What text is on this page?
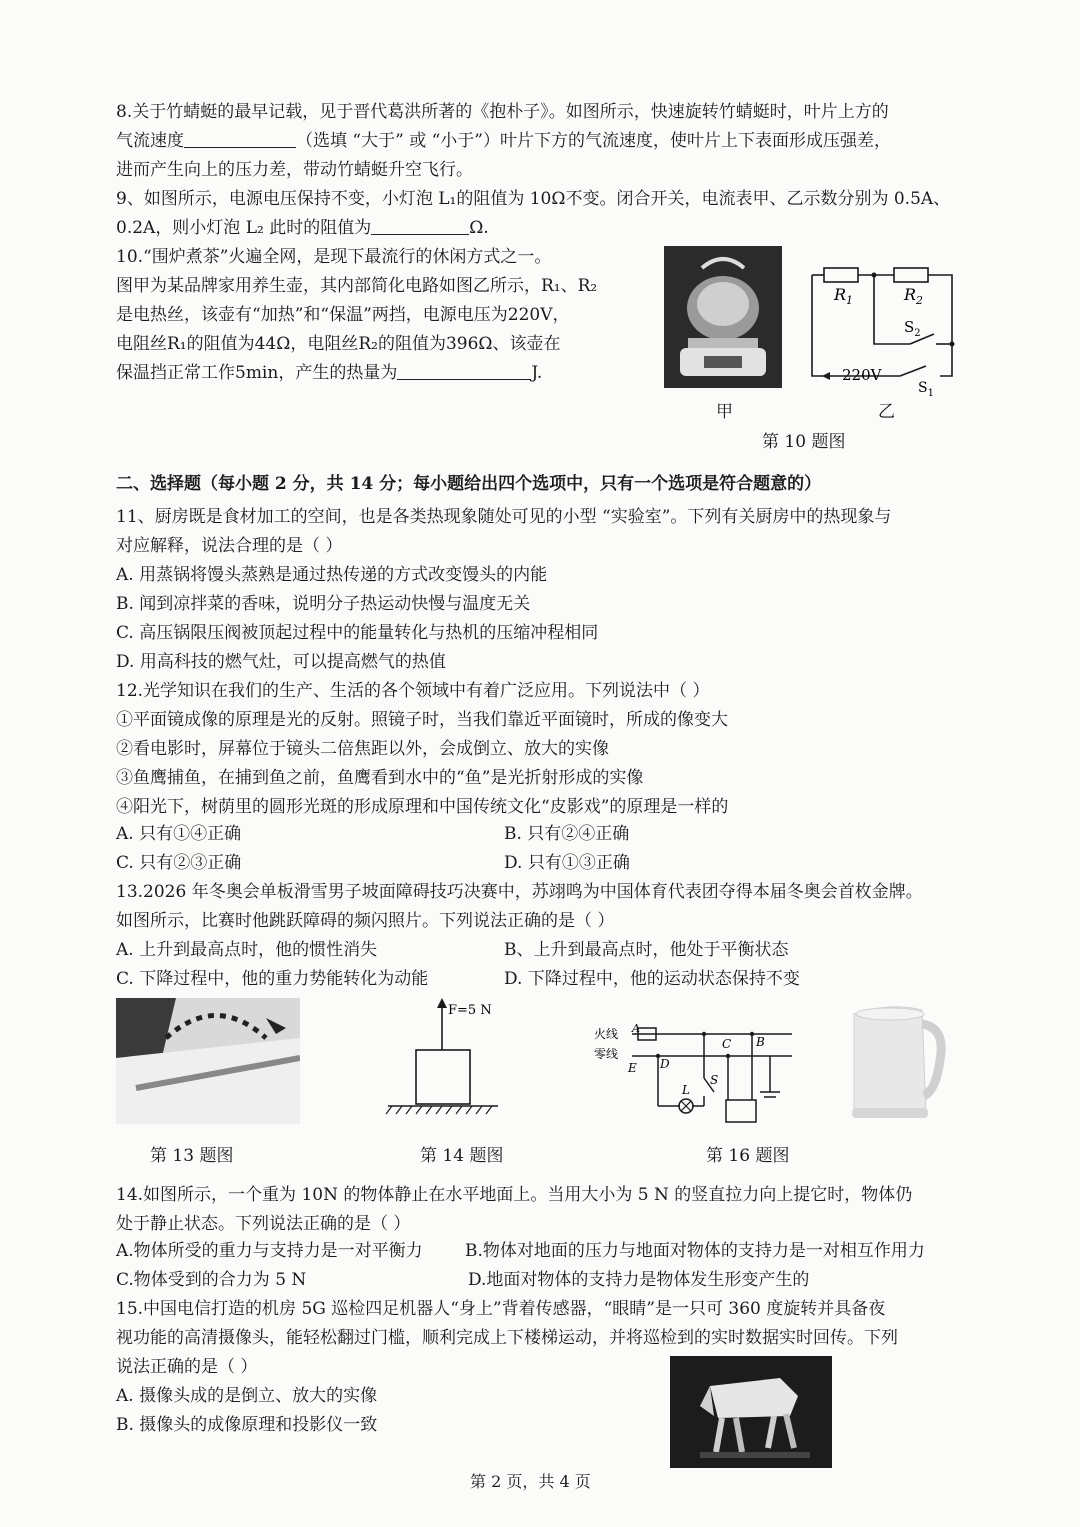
8.关于竹蜻蜓的最早记载，见于晋代葛洪所著的《抱朴子》。如图所示，快速旋转竹蜻蜓时，叶片上方的
气流速度	（选填 “大于” 或 “小于”）叶片下方的气流速度，使叶片上下表面形成压强差，
进而产生向上的压力差，带动竹蜻蜓升空飞行。
9、如图所示，电源电压保持不变，小灯泡 L₁的阻值为 10Ω不变。闭合开关，电流表甲、乙示数分别为 0.5A、
0.2A，则小灯泡 L₂ 此时的阻值为	Ω.
10.“围炉煮茶”火遍全网，是现下最流行的休闲方式之一。
图甲为某品牌家用养生壶，其内部简化电路如图乙所示，R₁、R₂
是电热丝，该壶有“加热”和“保温”两挡，电源电压为220V，
电阻丝R₁的阻值为44Ω，电阻丝R₂的阻值为396Ω、该壶在
保温挡正常工作5min，产生的热量为	J.
甲
$R_1$	$R_2$
$S_2$
220V
$S_1$
乙
第 10 题图
二、选择题（每小题 2 分，共 14 分；每小题给出四个选项中，只有一个选项是符合题意的）
11、厨房既是食材加工的空间，也是各类热现象随处可见的小型 “实验室”。下列有关厨房中的热现象与
对应解释，说法合理的是（ ）
A. 用蒸锅将馒头蒸熟是通过热传递的方式改变馒头的内能
B. 闻到凉拌菜的香味，说明分子热运动快慢与温度无关
C. 高压锅限压阀被顶起过程中的能量转化与热机的压缩冲程相同
D. 用高科技的燃气灶，可以提高燃气的热值
12.光学知识在我们的生产、生活的各个领域中有着广泛应用。下列说法中（ ）
①平面镜成像的原理是光的反射。照镜子时，当我们靠近平面镜时，所成的像变大
②看电影时，屏幕位于镜头二倍焦距以外，会成倒立、放大的实像
③鱼鹰捕鱼，在捕到鱼之前，鱼鹰看到水中的“鱼”是光折射形成的实像
④阳光下，树荫里的圆形光斑的形成原理和中国传统文化“皮影戏”的原理是一样的
A. 只有①④正确	B. 只有②④正确
C. 只有②③正确	D. 只有①③正确
13.2026 年冬奥会单板滑雪男子坡面障碍技巧决赛中，苏翊鸣为中国体育代表团夺得本届冬奥会首枚金牌。
如图所示，比赛时他跳跃障碍的频闪照片。下列说法正确的是（ ）
A. 上升到最高点时，他的惯性消失	B、上升到最高点时，他处于平衡状态
C. 下降过程中，他的重力势能转化为动能	D. 下降过程中，他的运动状态保持不变
第 13 题图
F=5 N
第 14 题图
火线
零线
A
C B
D
E
L
S
第 16 题图
14.如图所示，一个重为 10N 的物体静止在水平地面上。当用大小为 5 N 的竖直拉力向上提它时，物体仍
处于静止状态。下列说法正确的是（ ）
A.物体所受的重力与支持力是一对平衡力 B.物体对地面的压力与地面对物体的支持力是一对相互作用力
C.物体受到的合力为 5 N	D.地面对物体的支持力是物体发生形变产生的
15.中国电信打造的机房 5G 巡检四足机器人“身上”背着传感器，“眼睛”是一只可 360 度旋转并具备夜
视功能的高清摄像头，能轻松翻过门槛，顺利完成上下楼梯运动，并将巡检到的实时数据实时回传。下列
说法正确的是（ ）
A. 摄像头成的是倒立、放大的实像
B. 摄像头的成像原理和投影仪一致
第 2 页，共 4 页
